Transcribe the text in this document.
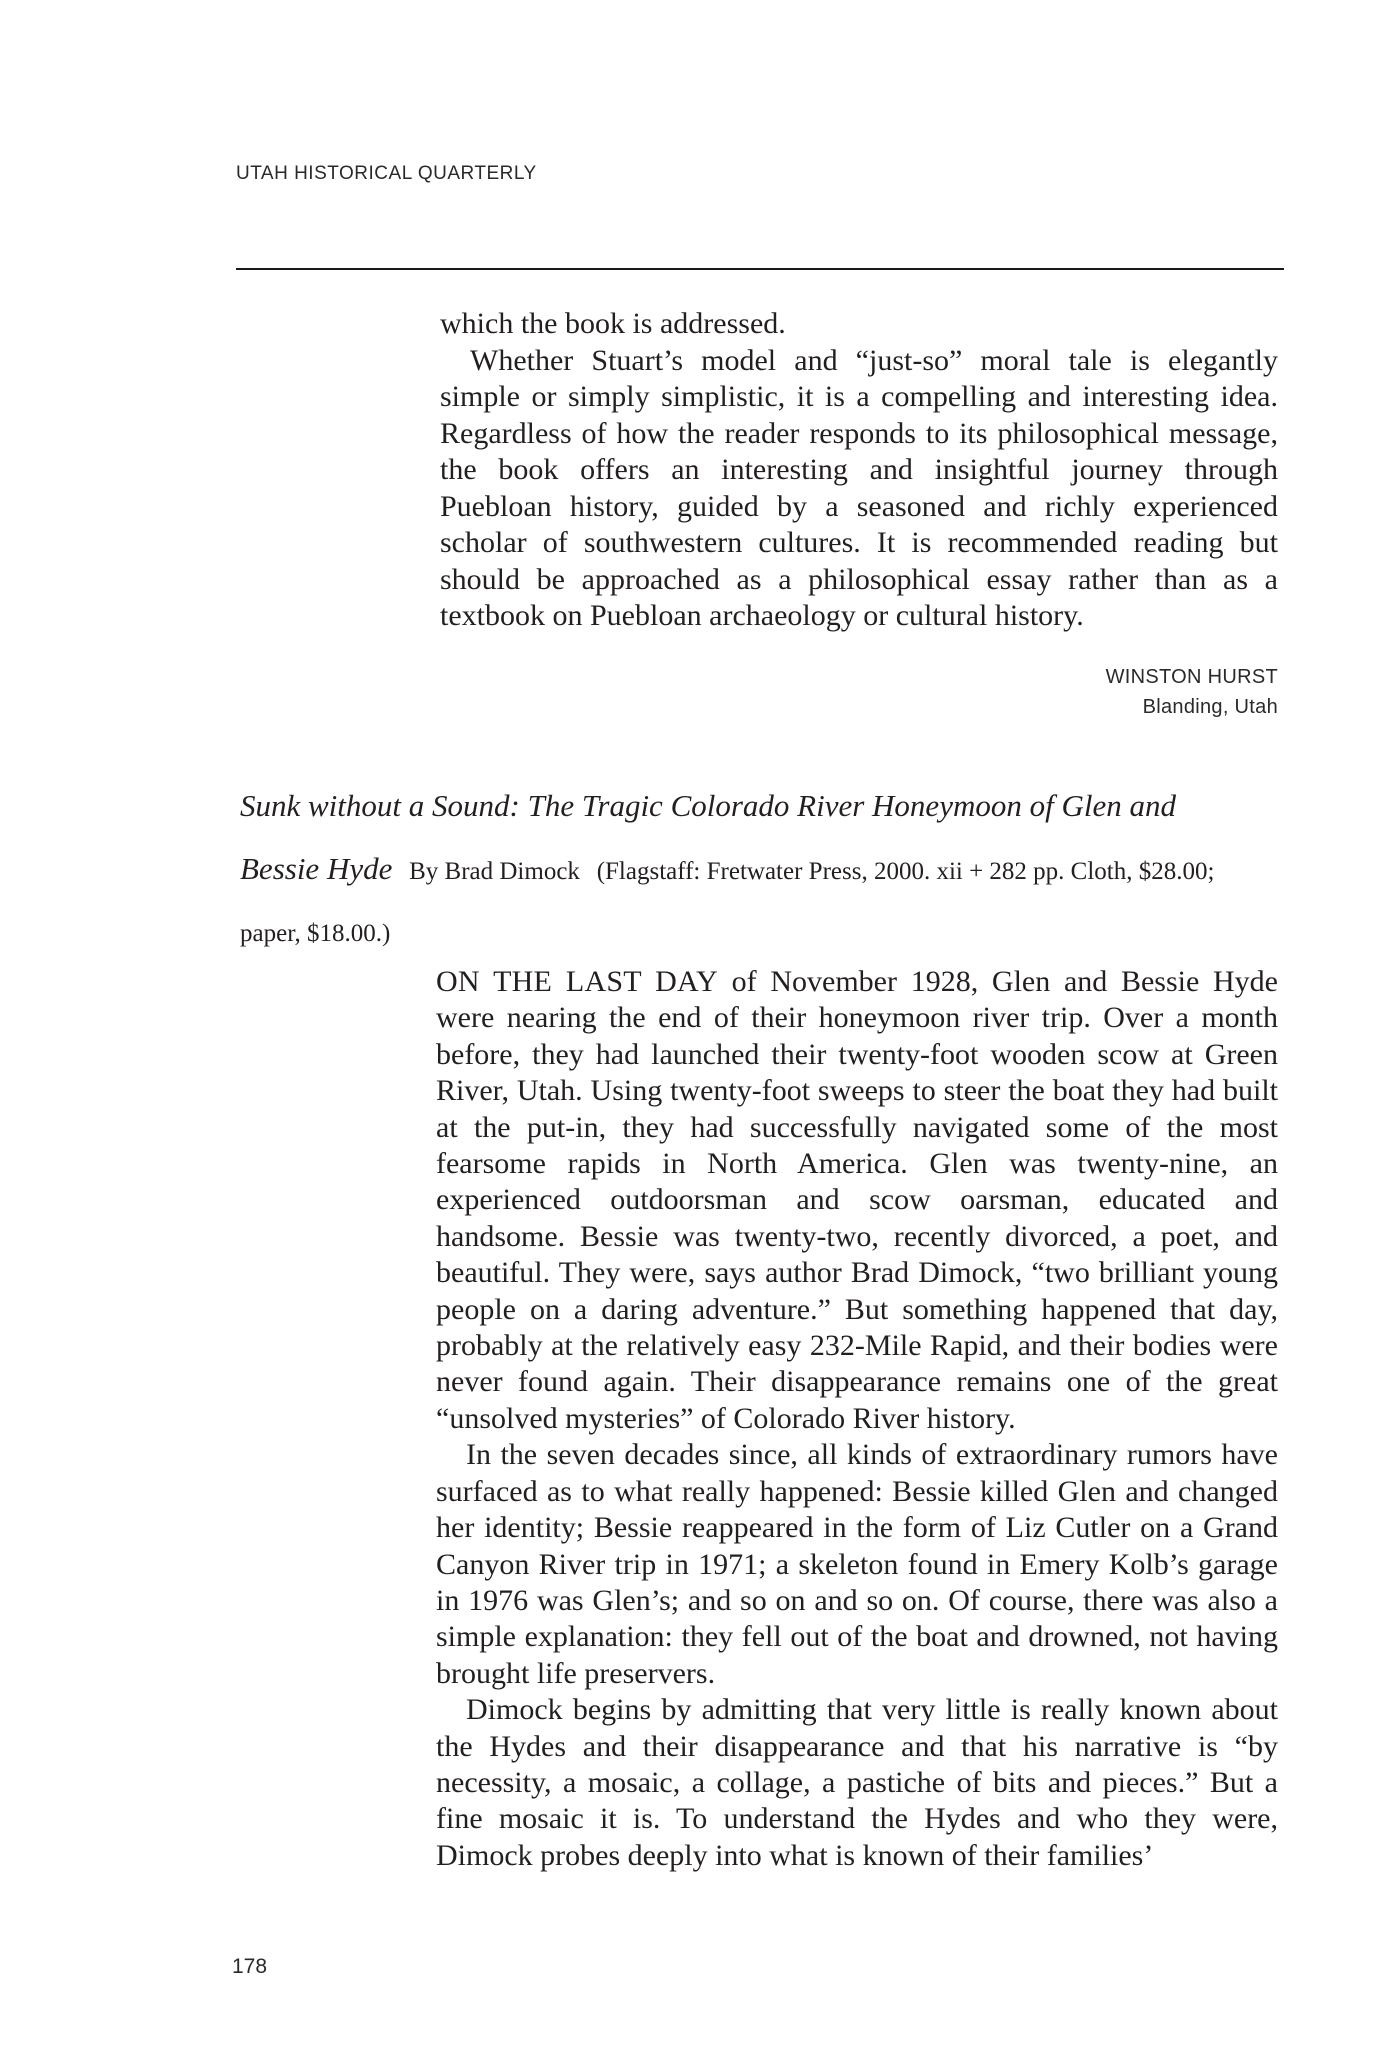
UTAH HISTORICAL QUARTERLY

which the book is addressed.

Whether Stuart’s model and “just-so” moral tale is elegantly simple or simply simplistic, it is a compelling and interesting idea. Regardless of how the reader responds to its philosophical message, the book offers an interesting and insightful journey through Puebloan history, guided by a seasoned and richly experienced scholar of southwestern cultures. It is recommended reading but should be approached as a philosophical essay rather than as a textbook on Puebloan archaeology or cultural history.

WINSTON HURST
Blanding, Utah
Sunk without a Sound: The Tragic Colorado River Honeymoon of Glen and Bessie Hyde By Brad Dimock (Flagstaff: Fretwater Press, 2000. xii + 282 pp. Cloth, $28.00; paper, $18.00.)

ON THE LAST DAY of November 1928, Glen and Bessie Hyde were nearing the end of their honeymoon river trip. Over a month before, they had launched their twenty-foot wooden scow at Green River, Utah. Using twenty-foot sweeps to steer the boat they had built at the put-in, they had successfully navigated some of the most fearsome rapids in North America. Glen was twenty-nine, an experienced outdoorsman and scow oarsman, educated and handsome. Bessie was twenty-two, recently divorced, a poet, and beautiful. They were, says author Brad Dimock, “two brilliant young people on a daring adventure.” But something happened that day, probably at the relatively easy 232-Mile Rapid, and their bodies were never found again. Their disappearance remains one of the great “unsolved mysteries” of Colorado River history.

In the seven decades since, all kinds of extraordinary rumors have surfaced as to what really happened: Bessie killed Glen and changed her identity; Bessie reappeared in the form of Liz Cutler on a Grand Canyon River trip in 1971; a skeleton found in Emery Kolb’s garage in 1976 was Glen’s; and so on and so on. Of course, there was also a simple explanation: they fell out of the boat and drowned, not having brought life preservers.

Dimock begins by admitting that very little is really known about the Hydes and their disappearance and that his narrative is “by necessity, a mosaic, a collage, a pastiche of bits and pieces.” But a fine mosaic it is. To understand the Hydes and who they were, Dimock probes deeply into what is known of their families’

178
